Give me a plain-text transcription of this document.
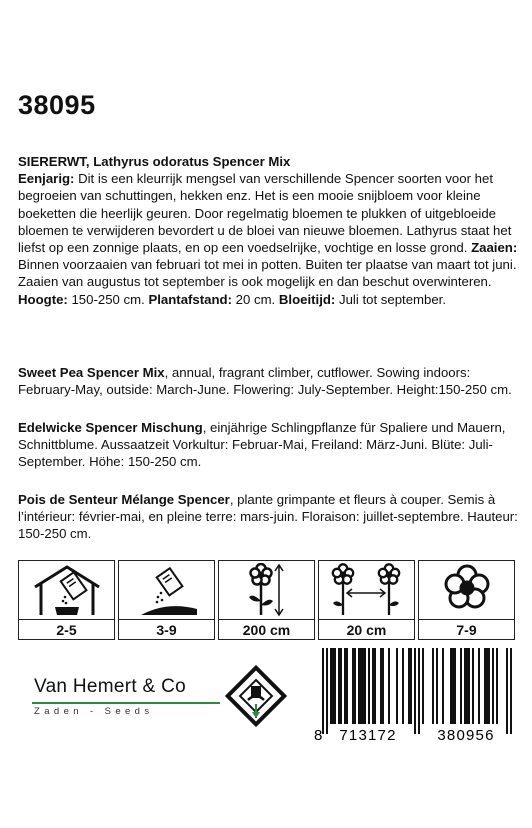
38095
SIERERWT, Lathyrus odoratus Spencer Mix
Eenjarig: Dit is een kleurrijk mengsel van verschillende Spencer soorten voor het begroeien van schuttingen, hekken enz. Het is een mooie snijbloem voor kleine boeketten die heerlijk geuren. Door regelmatig bloemen te plukken of uitgebloeide bloemen te verwijderen bevordert u de bloei van nieuwe bloemen. Lathyrus staat het liefst op een zonnige plaats, en op een voedselrijke, vochtige en losse grond. Zaaien: Binnen voorzaaien van februari tot mei in potten. Buiten ter plaatse van maart tot juni. Zaaien van augustus tot september is ook mogelijk en dan beschut overwinteren. Hoogte: 150-250 cm. Plantafstand: 20 cm. Bloeitijd: Juli tot september.
Sweet Pea Spencer Mix, annual, fragrant climber, cutflower. Sowing indoors: February-May, outside: March-June. Flowering: July-September. Height:150-250 cm.
Edelwicke Spencer Mischung, einjährige Schlingpflanze für Spaliere und Mauern, Schnittblume. Aussaatzeit Vorkultur: Februar-Mai, Freiland: März-Juni. Blüte: Juli-September. Höhe: 150-250 cm.
Pois de Senteur Mélange Spencer, plante grimpante et fleurs à couper. Semis à l’intérieur: février-mai, en pleine terre: mars-juin. Floraison: juillet-septembre. Hauteur: 150-250 cm.
2-5	3-9	200 cm	20 cm	7-9
Van Hemert & Co
Zaden - Seeds
8 713172	380956
